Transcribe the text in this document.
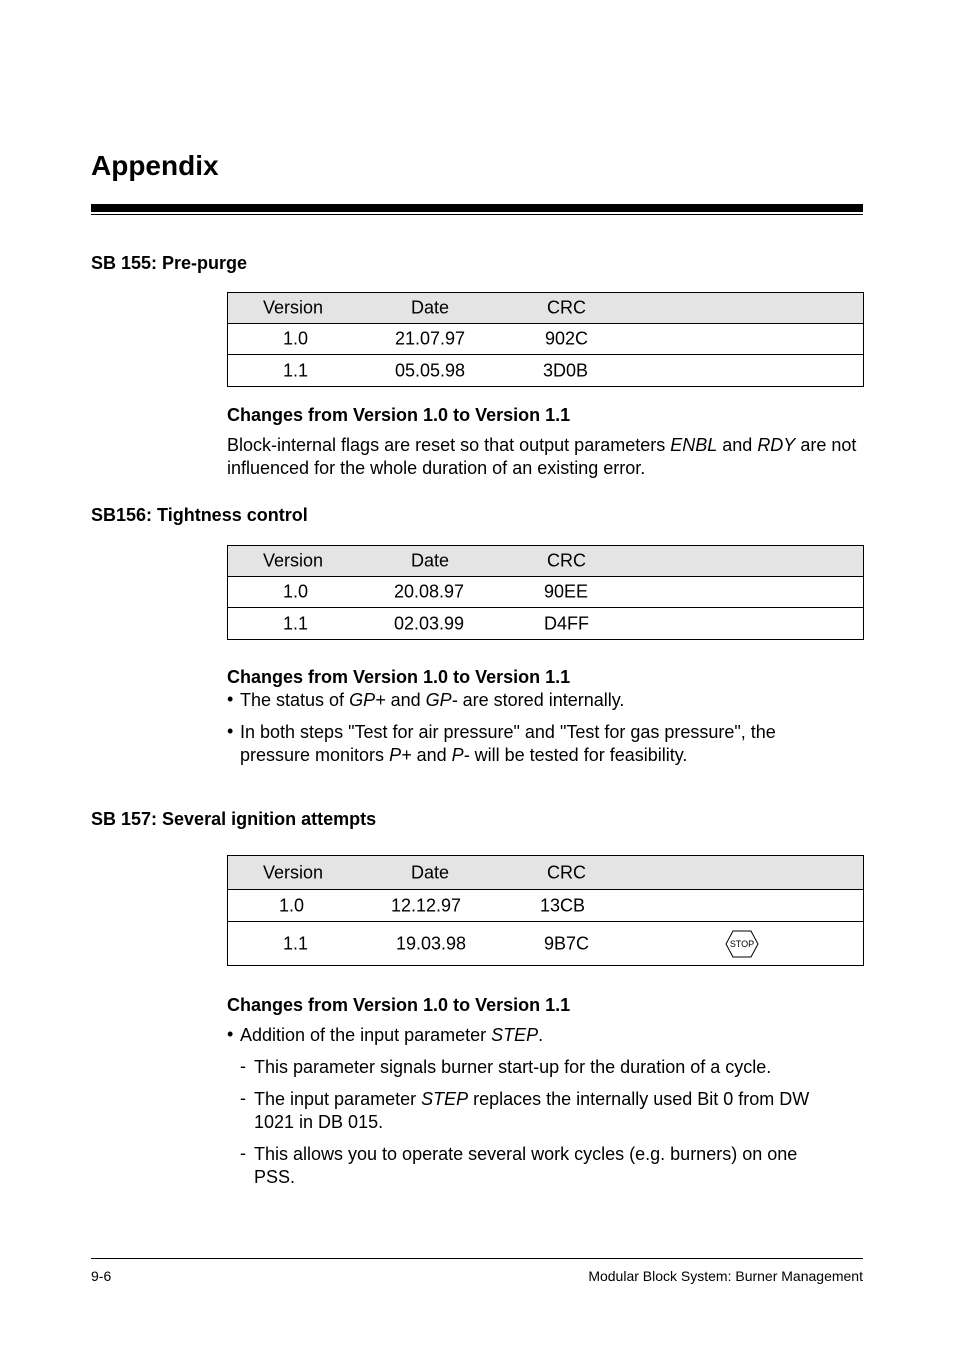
Appendix
SB 155: Pre-purge
Version	Date	CRC

1.0	21.07.97	902C

1.1	05.05.98	3D0B
Changes from Version 1.0 to Version 1.1
Block-internal flags are reset so that output parameters ENBL and RDY are not influenced for the whole duration of an existing error.
SB156: Tightness control
Version	Date	CRC

1.0	20.08.97	90EE

1.1	02.03.99	D4FF
Changes from Version 1.0 to Version 1.1
• The status of GP+ and GP- are stored internally.
• In both steps "Test for air pressure" and "Test for gas pressure", the pressure monitors P+ and P- will be tested for feasibility.
SB 157: Several ignition attempts
Version	Date	CRC

1.0	12.12.97	13CB

1.1	19.03.98	9B7C	STOP
Changes from Version 1.0 to Version 1.1
• Addition of the input parameter STEP.
- This parameter signals burner start-up for the duration of a cycle.
- The input parameter STEP replaces the internally used Bit 0 from DW 1021 in DB 015.
- This allows you to operate several work cycles (e.g. burners) on one PSS.
9-6	Modular Block System: Burner Management
